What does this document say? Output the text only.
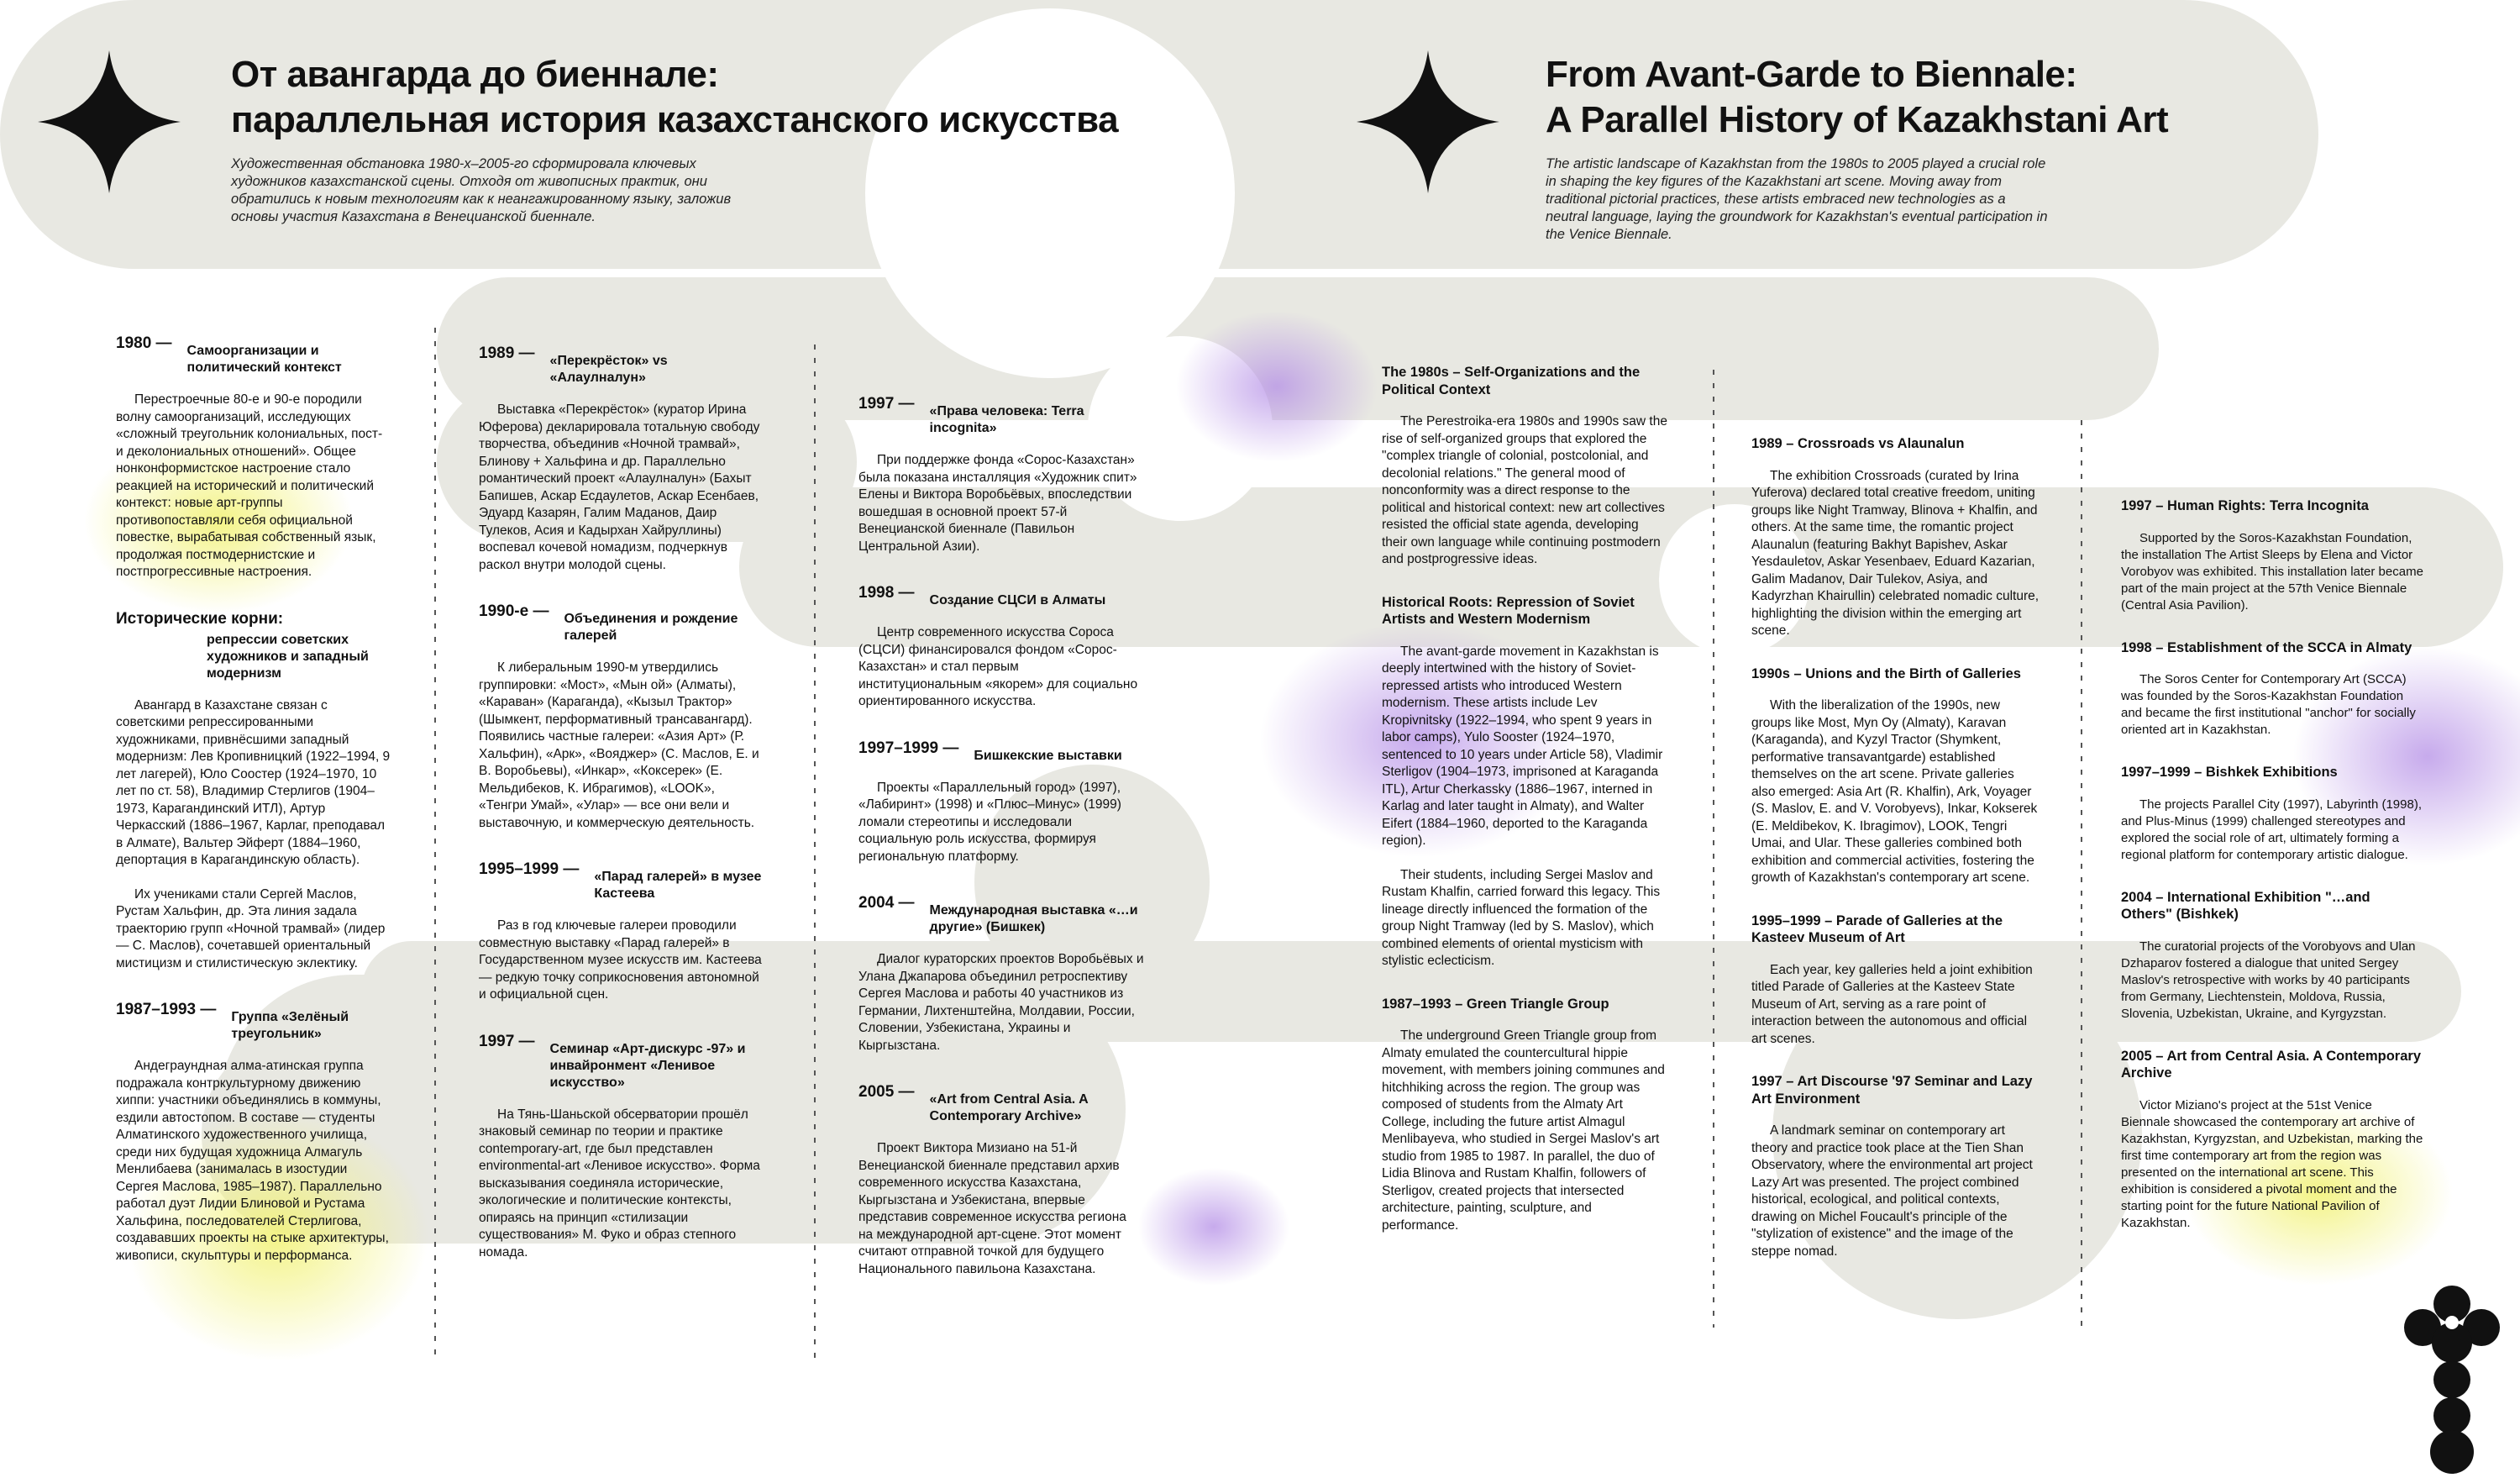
От авангарда до биеннале:
параллельная история казахстанского искусства

Художественная обстановка 1980-х–2005-го сформировала ключевых художников казахстанской сцены. Отходя от живописных практик, они обратились к новым технологиям как к неангажированному языку, заложив основы участия Казахстана в Венецианской биеннале.

From Avant-Garde to Biennale:
A Parallel History of Kazakhstani Art

The artistic landscape of Kazakhstan from the 1980s to 2005 played a crucial role in shaping the key figures of the Kazakhstani art scene. Moving away from traditional pictorial practices, these artists embraced new technologies as a neutral language, laying the groundwork for Kazakhstan's eventual participation in the Venice Biennale.

1980 —	Самоорганизации и политический контекст

Перестроечные 80-е и 90-е породили волну самоорганизаций, исследующих «сложный треугольник колониальных, пост- и деколониальных отношений». Общее нонконформистское настроение стало реакцией на исторический и политический контекст: новые арт-группы противопоставляли себя официальной повестке, вырабатывая собственный язык, продолжая постмодернистские и постпрогрессивные настроения.

Исторические корни:
репрессии советских художников и западный модернизм

Авангард в Казахстане связан с советскими репрессированными художниками, привнёсшими западный модернизм: Лев Кропивницкий (1922–1994, 9 лет лагерей), Юло Соостер (1924–1970, 10 лет по ст. 58), Владимир Стерлигов (1904–1973, Карагандинский ИТЛ), Артур Черкасский (1886–1967, Карлаг, преподавал в Алмате), Вальтер Эйферт (1884–1960, депортация в Карагандинскую область).

Их учениками стали Сергей Маслов, Рустам Хальфин, др. Эта линия задала траекторию групп «Ночной трамвай» (лидер — С. Маслов), сочетавшей ориентальный мистицизм и стилистическую эклектику.

1987–1993 —	Группа «Зелёный треугольник»

Андеграундная алма-атинская группа подражала контркультурному движению хиппи: участники объединялись в коммуны, ездили автостопом. В составе — студенты Алматинского художественного училища, среди них будущая художница Алмагуль Менлибаева (занималась в изостудии Сергея Маслова, 1985–1987). Параллельно работал дуэт Лидии Блиновой и Рустама Хальфина, последователей Стерлигова, создававших проекты на стыке архитектуры, живописи, скульптуры и перформанса.

1989 —	«Перекрёсток» vs «Алаулналун»

Выставка «Перекрёсток» (куратор Ирина Юферова) декларировала тотальную свободу творчества, объединив «Ночной трамвай», Блинову + Хальфина и др. Параллельно романтический проект «Алаулналун» (Бахыт Бапишев, Аскар Есдаулетов, Аскар Есенбаев, Эдуард Казарян, Галим Маданов, Даир Тулеков, Асия и Кадырхан Хайруллины) воспевал кочевой номадизм, подчеркнув раскол внутри молодой сцены.

1990-е —	Объединения и рождение галерей

К либеральным 1990-м утвердились группировки: «Мост», «Мын ой» (Алматы), «Караван» (Караганда), «Кызыл Трактор» (Шымкент, перформативный трансавангард). Появились частные галереи: «Азия Арт» (Р. Хальфин), «Арк», «Вояджер» (С. Маслов, Е. и В. Воробьевы), «Инкар», «Коксерек» (Е. Мельдибеков, К. Ибрагимов), «LOOK», «Тенгри Умай», «Улар» — все они вели и выставочную, и коммерческую деятельность.

1995–1999 —	«Парад галерей» в музее Кастеева

Раз в год ключевые галереи проводили совместную выставку «Парад галерей» в Государственном музее искусств им. Кастеева — редкую точку соприкосновения автономной и официальной сцен.

1997 —	Семинар «Арт-дискурс -97» и инвайронмент «Ленивое искусство»

На Тянь-Шаньской обсерватории прошёл знаковый семинар по теории и практике contemporary-art, где был представлен environmental-art «Ленивое искусство». Форма высказывания соединяла исторические, экологические и политические контексты, опираясь на принцип «стилизации существования» М. Фуко и образ степного номада.

1997 —	«Права человека: Terra incognita»

При поддержке фонда «Сорос-Казахстан» была показана инсталляция «Художник спит» Елены и Виктора Воробьёвых, впоследствии вошедшая в основной проект 57-й Венецианской биеннале (Павильон Центральной Азии).

1998 —	Создание СЦСИ в Алматы

Центр современного искусства Сороса (СЦСИ) финансировался фондом «Сорос-Казахстан» и стал первым институциональным «якорем» для социально ориентированного искусства.

1997–1999 —	Бишкекские выставки

Проекты «Параллельный город» (1997), «Лабиринт» (1998) и «Плюс–Минус» (1999) ломали стереотипы и исследовали социальную роль искусства, формируя региональную платформу.

2004 —	Международная выставка «…и другие» (Бишкек)

Диалог кураторских проектов Воробьёвых и Улана Джапарова объединил ретроспективу Сергея Маслова и работы 40 участников из Германии, Лихтенштейна, Молдавии, России, Словении, Узбекистана, Украины и Кыргызстана.

2005 —	«Art from Central Asia. A Contemporary Archive»

Проект Виктора Мизиано на 51-й Венецианской биеннале представил архив современного искусства Казахстана, Кыргызстана и Узбекистана, впервые представив современное искусства региона на международной арт-сцене. Этот момент считают отправной точкой для будущего Национального павильона Казахстана.

The 1980s – Self-Organizations and the Political Context

The Perestroika-era 1980s and 1990s saw the rise of self-organized groups that explored the "complex triangle of colonial, postcolonial, and decolonial relations." The general mood of nonconformity was a direct response to the political and historical context: new art collectives resisted the official state agenda, developing their own language while continuing postmodern and postprogressive ideas.

Historical Roots: Repression of Soviet Artists and Western Modernism

The avant-garde movement in Kazakhstan is deeply intertwined with the history of Soviet-repressed artists who introduced Western modernism. These artists include Lev Kropivnitsky (1922–1994, who spent 9 years in labor camps), Yulo Sooster (1924–1970, sentenced to 10 years under Article 58), Vladimir Sterligov (1904–1973, imprisoned at Karaganda ITL), Artur Cherkassky (1886–1967, interned in Karlag and later taught in Almaty), and Walter Eifert (1884–1960, deported to the Karaganda region).

Their students, including Sergei Maslov and Rustam Khalfin, carried forward this legacy. This lineage directly influenced the formation of the group Night Tramway (led by S. Maslov), which combined elements of oriental mysticism with stylistic eclecticism.

1987–1993 – Green Triangle Group

The underground Green Triangle group from Almaty emulated the countercultural hippie movement, with members joining communes and hitchhiking across the region. The group was composed of students from the Almaty Art College, including the future artist Almagul Menlibayeva, who studied in Sergei Maslov's art studio from 1985 to 1987. In parallel, the duo of Lidia Blinova and Rustam Khalfin, followers of Sterligov, created projects that intersected architecture, painting, sculpture, and performance.

1989 – Crossroads vs Alaunalun

The exhibition Crossroads (curated by Irina Yuferova) declared total creative freedom, uniting groups like Night Tramway, Blinova + Khalfin, and others. At the same time, the romantic project Alaunalun (featuring Bakhyt Bapishev, Askar Yesdauletov, Askar Yesenbaev, Eduard Kazarian, Galim Madanov, Dair Tulekov, Asiya, and Kadyrzhan Khairullin) celebrated nomadic culture, highlighting the division within the emerging art scene.

1990s – Unions and the Birth of Galleries

With the liberalization of the 1990s, new groups like Most, Myn Oy (Almaty), Karavan (Karaganda), and Kyzyl Tractor (Shymkent, performative transavantgarde) established themselves on the art scene. Private galleries also emerged: Asia Art (R. Khalfin), Ark, Voyager (S. Maslov, E. and V. Vorobyevs), Inkar, Kokserek (E. Meldibekov, K. Ibragimov), LOOK, Tengri Umai, and Ular. These galleries combined both exhibition and commercial activities, fostering the growth of Kazakhstan's contemporary art scene.

1995–1999 – Parade of Galleries at the Kasteev Museum of Art

Each year, key galleries held a joint exhibition titled Parade of Galleries at the Kasteev State Museum of Art, serving as a rare point of interaction between the autonomous and official art scenes.

1997 – Art Discourse '97 Seminar and Lazy Art Environment

A landmark seminar on contemporary art theory and practice took place at the Tien Shan Observatory, where the environmental art project Lazy Art was presented. The project combined historical, ecological, and political contexts, drawing on Michel Foucault's principle of the "stylization of existence" and the image of the steppe nomad.

1997 – Human Rights: Terra Incognita

Supported by the Soros-Kazakhstan Foundation, the installation The Artist Sleeps by Elena and Victor Vorobyov was exhibited. This installation later became part of the main project at the 57th Venice Biennale (Central Asia Pavilion).

1998 – Establishment of the SCCA in Almaty

The Soros Center for Contemporary Art (SCCA) was founded by the Soros-Kazakhstan Foundation and became the first institutional "anchor" for socially oriented art in Kazakhstan.

1997–1999 – Bishkek Exhibitions

The projects Parallel City (1997), Labyrinth (1998), and Plus-Minus (1999) challenged stereotypes and explored the social role of art, ultimately forming a regional platform for contemporary artistic dialogue.

2004 – International Exhibition "…and Others" (Bishkek)

The curatorial projects of the Vorobyovs and Ulan Dzhaparov fostered a dialogue that united Sergey Maslov's retrospective with works by 40 participants from Germany, Liechtenstein, Moldova, Russia, Slovenia, Uzbekistan, Ukraine, and Kyrgyzstan.

2005 – Art from Central Asia. A Contemporary Archive

Victor Miziano's project at the 51st Venice Biennale showcased the contemporary art archive of Kazakhstan, Kyrgyzstan, and Uzbekistan, marking the first time contemporary art from the region was presented on the international art scene. This exhibition is considered a pivotal moment and the starting point for the future National Pavilion of Kazakhstan.
